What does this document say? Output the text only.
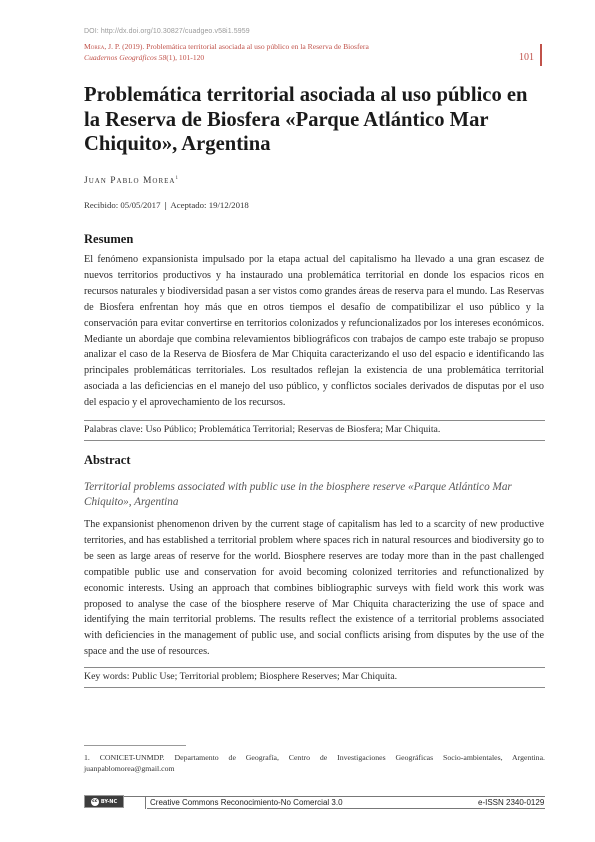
DOI: http://dx.doi.org/10.30827/cuadgeo.v58i1.5959
Morea, J. P. (2019). Problemática territorial asociada al uso público en la Reserva de Biosfera
Cuadernos Geográficos 58(1), 101-120	101
Problemática territorial asociada al uso público en la Reserva de Biosfera «Parque Atlántico Mar Chiquito», Argentina
Juan Pablo Morea$^1$
Recibido: 05/05/2017 | Aceptado: 19/12/2018
Resumen

El fenómeno expansionista impulsado por la etapa actual del capitalismo ha llevado a una gran escasez de nuevos territorios productivos y ha instaurado una problemática territorial en donde los espacios ricos en recursos naturales y biodiversidad pasan a ser vistos como grandes áreas de reserva para el mundo. Las Reservas de Biosfera enfrentan hoy más que en otros tiempos el desafío de compatibilizar el uso público y la conservación para evitar convertirse en territorios colonizados y refuncionalizados por los intereses económicos. Mediante un abordaje que combina relevamientos bibliográficos con trabajos de campo este trabajo se propuso analizar el caso de la Reserva de Biosfera de Mar Chiquita caracterizando el uso del espacio e identificando las principales problemáticas territoriales. Los resultados reflejan la existencia de una problemática territorial asociada a las deficiencias en el manejo del uso público, y conflictos sociales derivados de disputas por el uso del espacio y el aprovechamiento de los recursos.

Palabras clave: Uso Público; Problemática Territorial; Reservas de Biosfera; Mar Chiquita.
Abstract

Territorial problems associated with public use in the biosphere reserve «Parque Atlántico Mar Chiquito», Argentina

The expansionist phenomenon driven by the current stage of capitalism has led to a scarcity of new productive territories, and has established a territorial problem where spaces rich in natural resources and biodiversity go to be seen as large areas of reserve for the world. Biosphere reserves are today more than in the past challenged compatible public use and conservation for avoid becoming colonized territories and refunctionalized by economic interests. Using an approach that combines bibliographic surveys with field work this work was proposed to analyse the case of the biosphere reserve of Mar Chiquita characterizing the use of space and identifying the main territorial problems. The results reflect the existence of a territorial problems associated with deficiencies in the management of public use, and social conflicts arising from disputes by the use of the space and the use of resources.

Key words: Public Use; Territorial problem; Biosphere Reserves; Mar Chiquita.

1. CONICET-UNMDP. Departamento de Geografía, Centro de Investigaciones Geográficas Socio-ambientales, Argentina. juanpablomorea@gmail.com

cc BY-NC	Creative Commons Reconocimiento-No Comercial 3.0	e-ISSN 2340-0129
